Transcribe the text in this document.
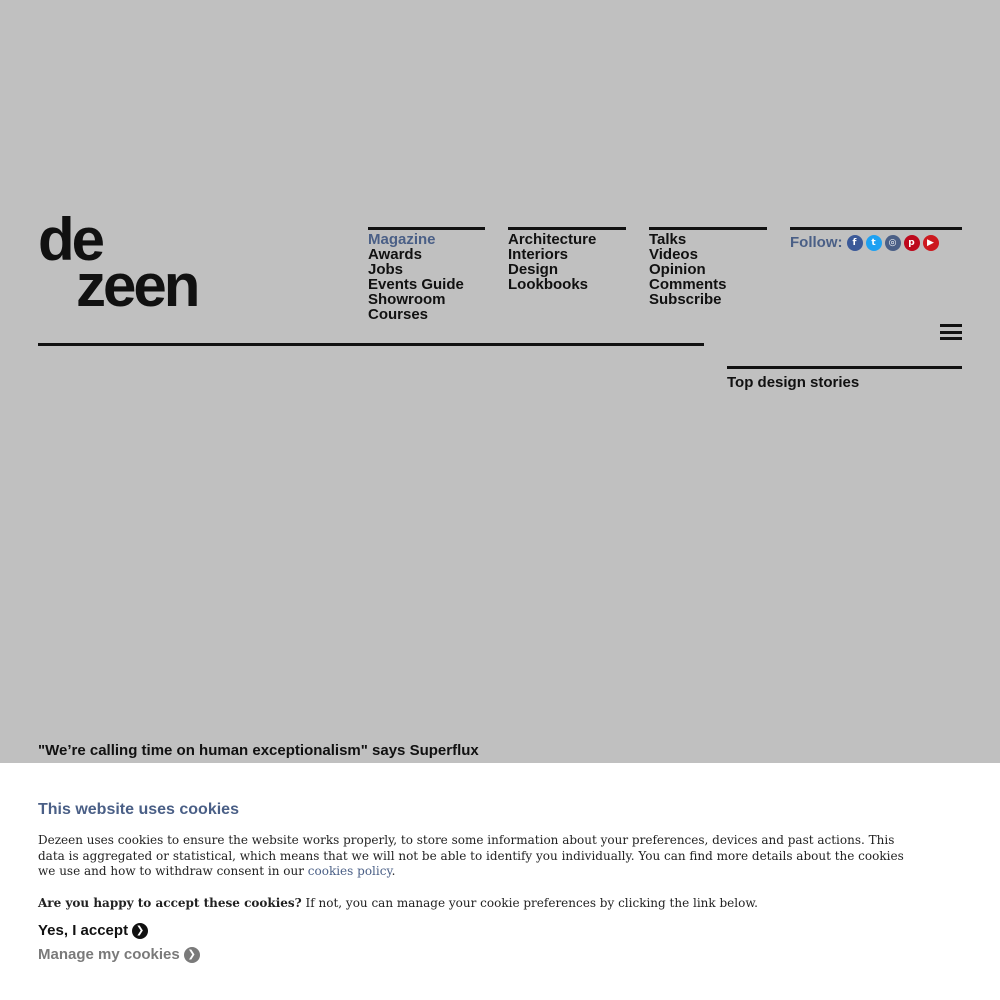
de
zeen
Magazine
Awards
Jobs
Events Guide
Showroom
Courses
Architecture
Interiors
Design
Lookbooks
Talks
Videos
Opinion
Comments
Subscribe
Follow:	f	t	◎	p	▶
Top design stories
"We’re calling time on human exceptionalism" says Superflux
This website uses cookies

Dezeen uses cookies to ensure the website works properly, to store some information about your preferences, devices and past actions. This data is aggregated or statistical, which means that we will not be able to identify you individually. You can find more details about the cookies we use and how to withdraw consent in our cookies policy.

Are you happy to accept these cookies? If not, you can manage your cookie preferences by clicking the link below.

Yes, I accept ❯
Manage my cookies ❯
